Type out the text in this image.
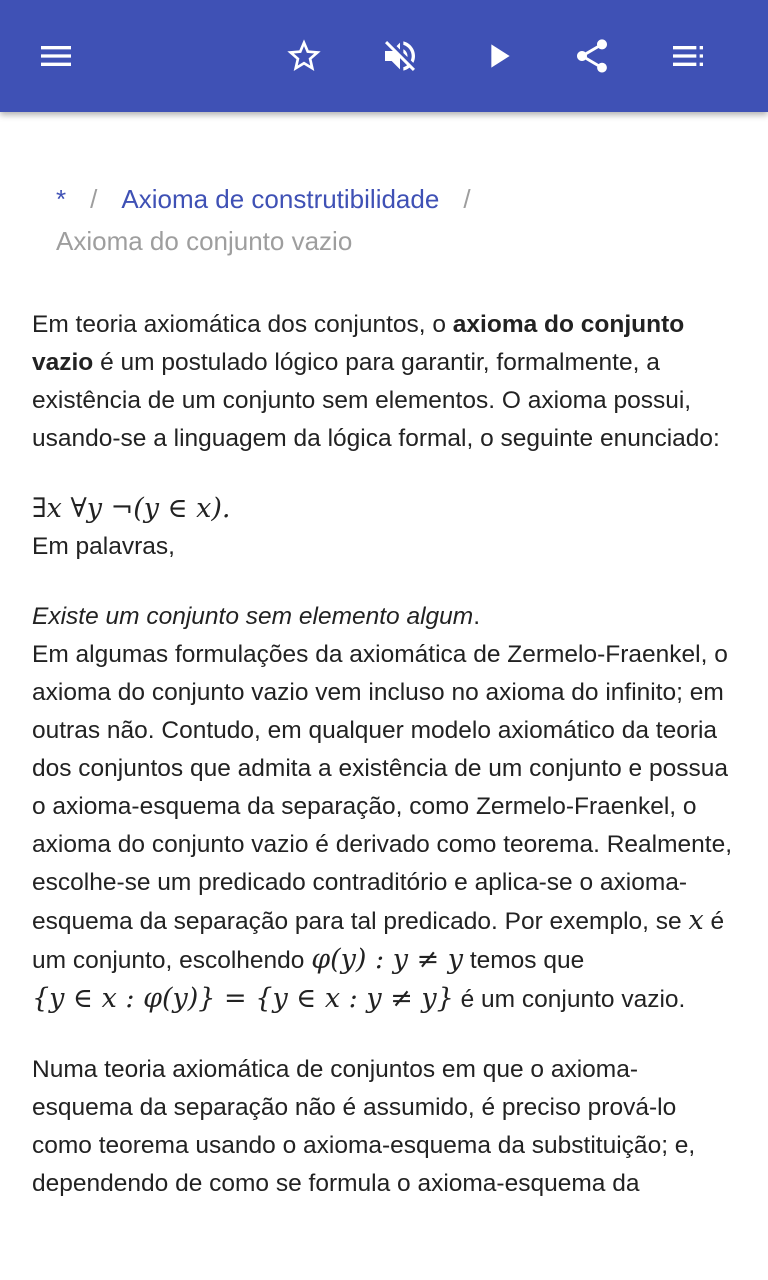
* / Axioma de construtibilidade /
Axioma do conjunto vazio

Em teoria axiomática dos conjuntos, o axioma do conjunto vazio é um postulado lógico para garantir, formalmente, a existência de um conjunto sem elementos. O axioma possui, usando-se a linguagem da lógica formal, o seguinte enunciado:

∃x ∀y ¬(y ∈ x).

Em palavras,

Existe um conjunto sem elemento algum.

Em algumas formulações da axiomática de Zermelo-Fraenkel, o axioma do conjunto vazio vem incluso no axioma do infinito; em outras não. Contudo, em qualquer modelo axiomático da teoria dos conjuntos que admita a existência de um conjunto e possua o axioma-esquema da separação, como Zermelo-Fraenkel, o axioma do conjunto vazio é derivado como teorema. Realmente, escolhe-se um predicado contraditório e aplica-se o axioma-esquema da separação para tal predicado. Por exemplo, se x é um conjunto, escolhendo φ(y) : y ≠ y temos que
{y ∈ x : φ(y)} = {y ∈ x : y ≠ y} é um conjunto vazio.

Numa teoria axiomática de conjuntos em que o axioma-esquema da separação não é assumido, é preciso prová-lo como teorema usando o axioma-esquema da substituição; e, dependendo de como se formula o axioma-esquema da
